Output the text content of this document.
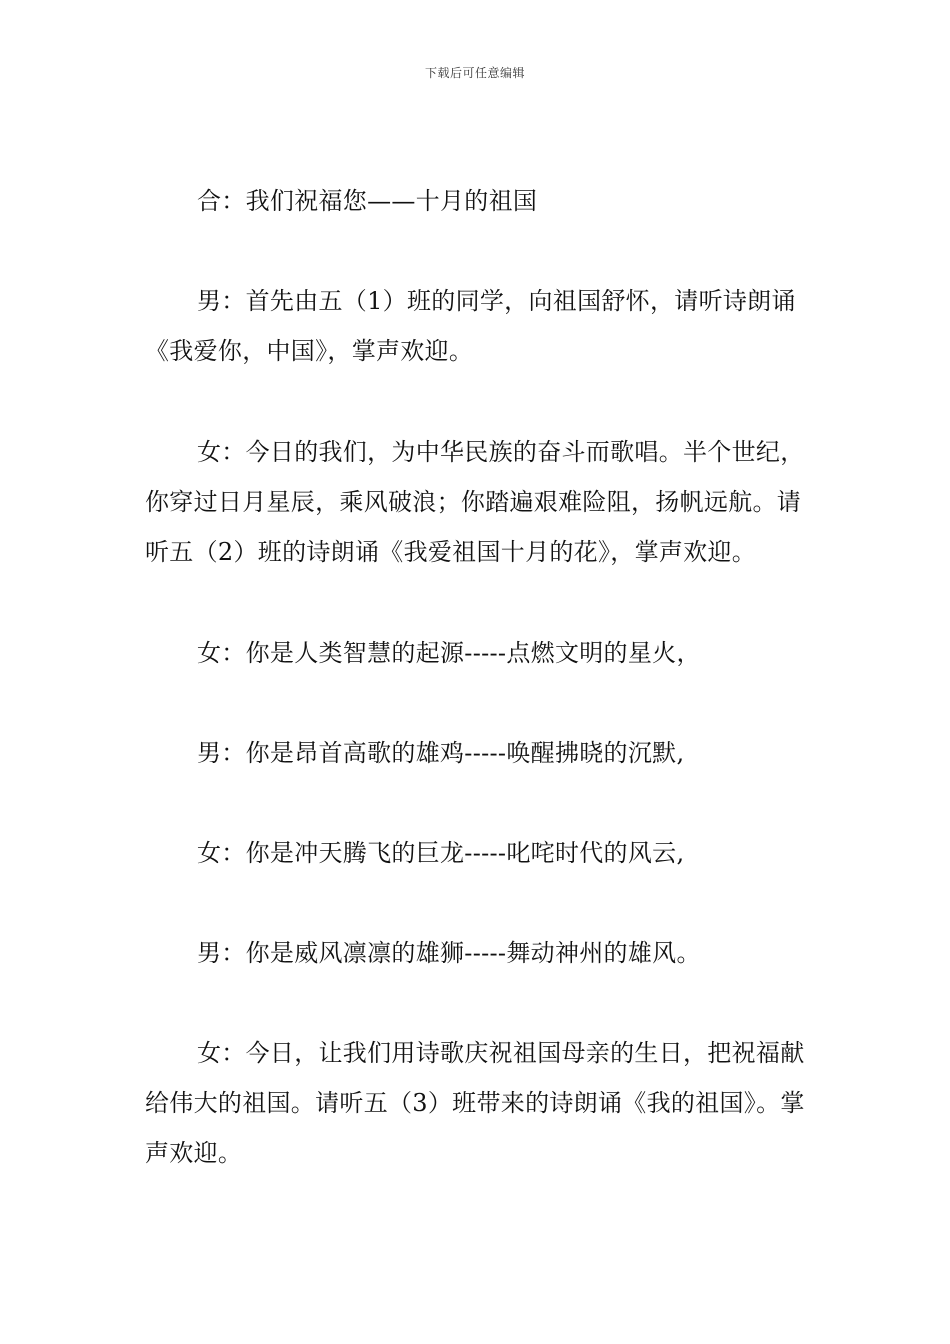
下载后可任意编辑

合：我们祝福您——十月的祖国

男：首先由五（1）班的同学，向祖国舒怀，请听诗朗诵《我爱你，中国》，掌声欢迎。

女：今日的我们，为中华民族的奋斗而歌唱。半个世纪，你穿过日月星辰，乘风破浪；你踏遍艰难险阻，扬帆远航。请听五（2）班的诗朗诵《我爱祖国十月的花》，掌声欢迎。

女：你是人类智慧的起源-----点燃文明的星火，

男：你是昂首高歌的雄鸡-----唤醒拂晓的沉默,

女：你是冲天腾飞的巨龙-----叱咤时代的风云,

男：你是威风凛凛的雄狮-----舞动神州的雄风。

女：今日，让我们用诗歌庆祝祖国母亲的生日，把祝福献给伟大的祖国。请听五（3）班带来的诗朗诵《我的祖国》。掌声欢迎。
